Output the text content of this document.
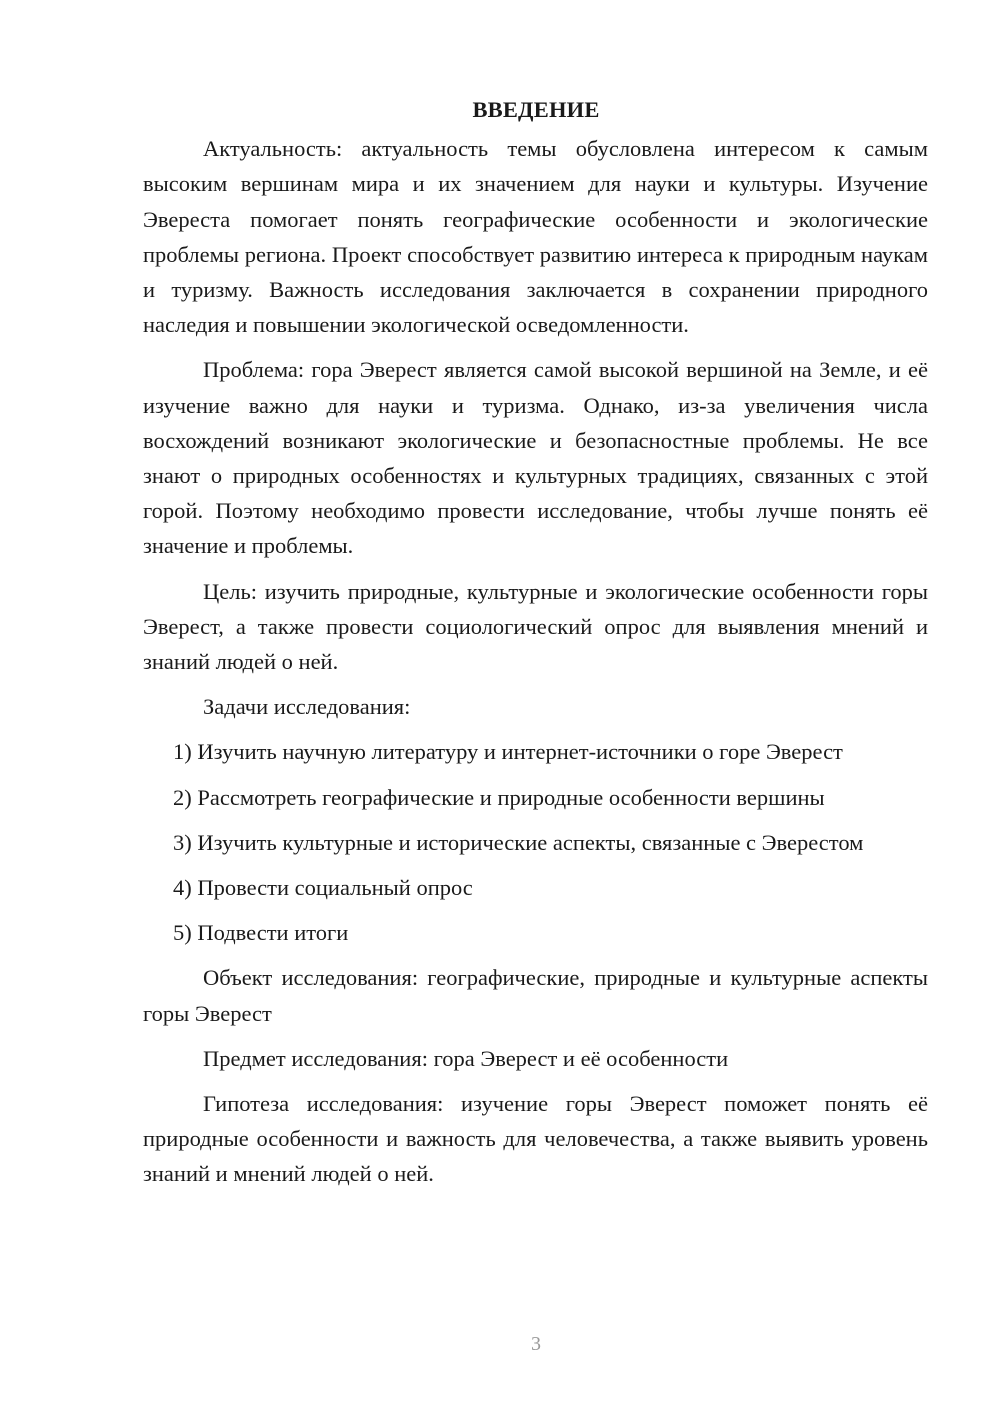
ВВЕДЕНИЕ

Актуальность: актуальность темы обусловлена интересом к самым высоким вершинам мира и их значением для науки и культуры. Изучение Эвереста помогает понять географические особенности и экологические проблемы региона. Проект способствует развитию интереса к природным наукам и туризму. Важность исследования заключается в сохранении природного наследия и повышении экологической осведомленности.

Проблема: гора Эверест является самой высокой вершиной на Земле, и её изучение важно для науки и туризма. Однако, из-за увеличения числа восхождений возникают экологические и безопасностные проблемы. Не все знают о природных особенностях и культурных традициях, связанных с этой горой. Поэтому необходимо провести исследование, чтобы лучше понять её значение и проблемы.

Цель: изучить природные, культурные и экологические особенности горы Эверест, а также провести социологический опрос для выявления мнений и знаний людей о ней.

Задачи исследования:

1) Изучить научную литературу и интернет-источники о горе Эверест

2) Рассмотреть географические и природные особенности вершины

3) Изучить культурные и исторические аспекты, связанные с Эверестом

4) Провести социальный опрос

5) Подвести итоги

Объект исследования: географические, природные и культурные аспекты горы Эверест

Предмет исследования: гора Эверест и её особенности

Гипотеза исследования: изучение горы Эверест поможет понять её природные особенности и важность для человечества, а также выявить уровень знаний и мнений людей о ней.

3
